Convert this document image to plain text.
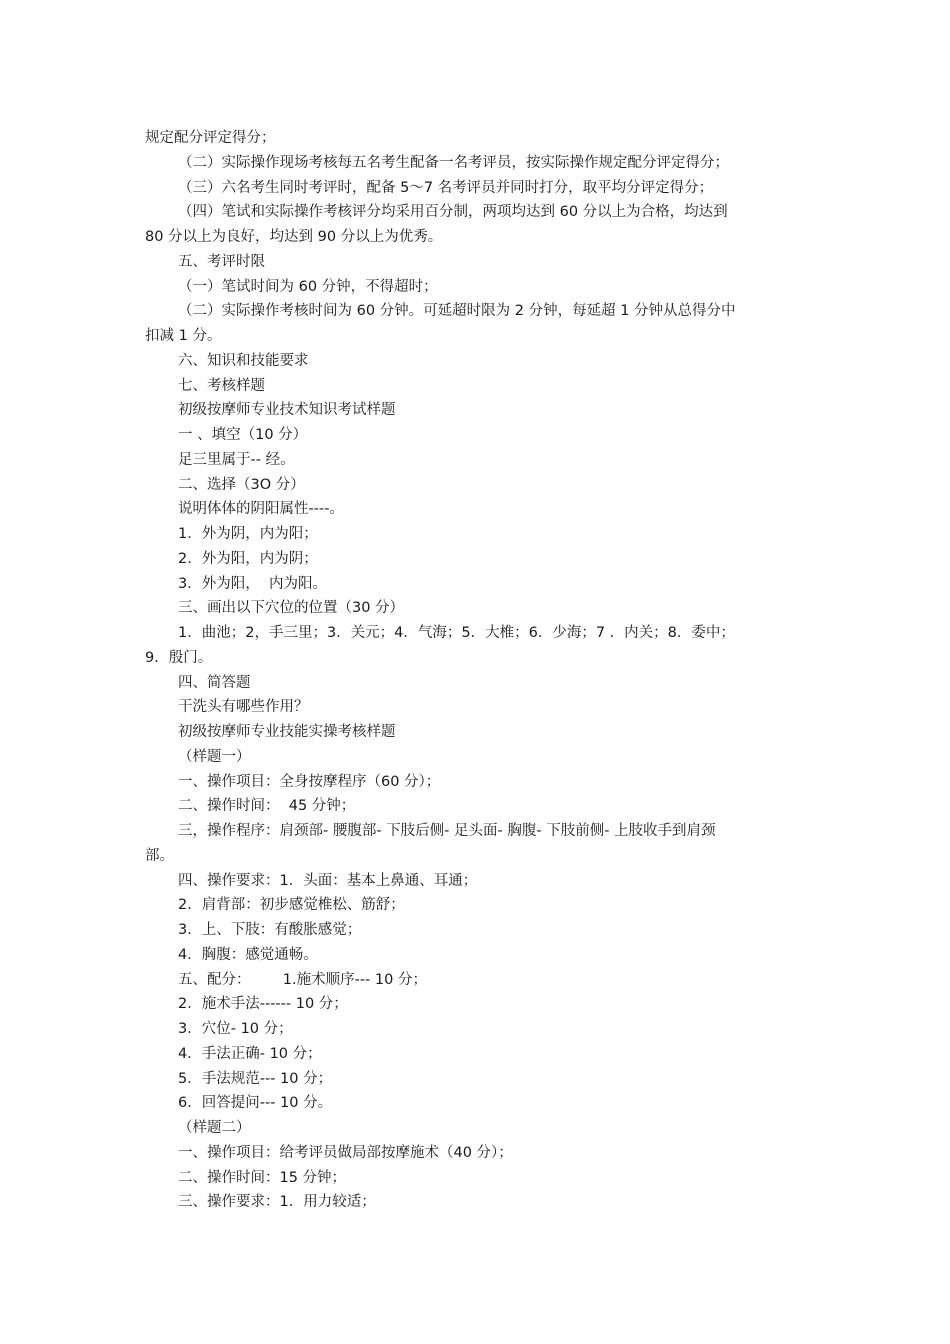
规定配分评定得分；
（二）实际操作现场考核每五名考生配备一名考评员，按实际操作规定配分评定得分；
（三）六名考生同时考评时，配备 5～7 名考评员并同时打分，取平均分评定得分；
（四）笔试和实际操作考核评分均采用百分制，两项均达到 60 分以上为合格，均达到
80 分以上为良好，均达到 90 分以上为优秀。
五、考评时限
（一）笔试时间为 60 分钟，不得超时；
（二）实际操作考核时间为 60 分钟。可延超时限为 2 分钟，每延超 1 分钟从总得分中
扣减 1 分。
六、知识和技能要求
七、考核样题
初级按摩师专业技术知识考试样题
一 、填空（10 分）
足三里属于-- 经。
二、选择（3O 分）
说明体体的阴阳属性----。
1．外为阴，内为阳；
2．外为阳，内为阴；
3．外为阳，  内为阳。
三、画出以下穴位的位置（30 分）
1．曲池；2，手三里；3．关元；4．气海；5．大椎；6．少海；7 ．内关；8．委中；
9．殷门。
四、简答题
干洗头有哪些作用？
初级按摩师专业技能实操考核样题
（样题一）
一、操作项目：全身按摩程序（60 分）；
二、操作时间：  45 分钟；
三，操作程序：肩颈部- 腰腹部- 下肢后侧- 足头面- 胸腹- 下肢前侧- 上肢收手到肩颈
部。
四、操作要求：1．头面：基本上鼻通、耳通；
2．肩背部：初步感觉椎松、筋舒；
3．上、下肢：有酸胀感觉；
4．胸腹：感觉通畅。
五、配分：       1.施术顺序--- 10 分；
2．施术手法------ 10 分；
3．穴位- 10 分；
4．手法正确- 10 分；
5．手法规范--- 10 分；
6．回答提问--- 10 分。
（样题二）
一、操作项目：给考评员做局部按摩施术（40 分）；
二、操作时间：15 分钟；
三、操作要求：1．用力较适；
